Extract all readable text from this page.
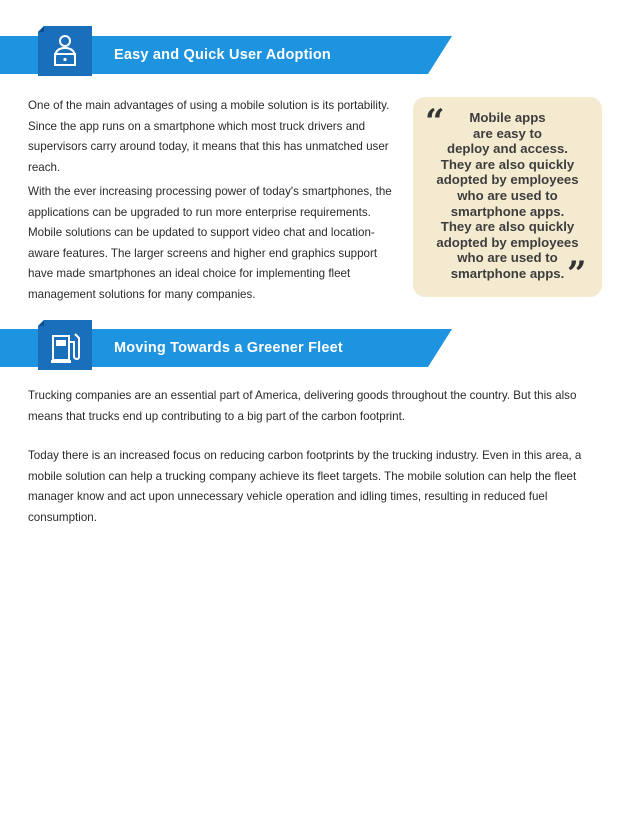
Easy and Quick User Adoption

One of the main advantages of using a mobile solution is its portability. Since the app runs on a smartphone which most truck drivers and supervisors carry around today, it means that this has unmatched user reach.

With the ever increasing processing power of today's smartphones, the applications can be upgraded to run more enterprise requirements. Mobile solutions can be updated to support video chat and location-aware features. The larger screens and higher end graphics support have made smartphones an ideal choice for implementing fleet management solutions for many companies.

“	Mobile apps
are easy to
deploy and access.
They are also quickly
adopted by employees
who are used to
smartphone apps.
They are also quickly
adopted by employees
who are used to
smartphone apps. ”
Moving Towards a Greener Fleet

Trucking companies are an essential part of America, delivering goods throughout the country. But this also means that trucks end up contributing to a big part of the carbon footprint.

Today there is an increased focus on reducing carbon footprints by the trucking industry. Even in this area, a mobile solution can help a trucking company achieve its fleet targets. The mobile solution can help the fleet manager know and act upon unnecessary vehicle operation and idling times, resulting in reduced fuel consumption.
